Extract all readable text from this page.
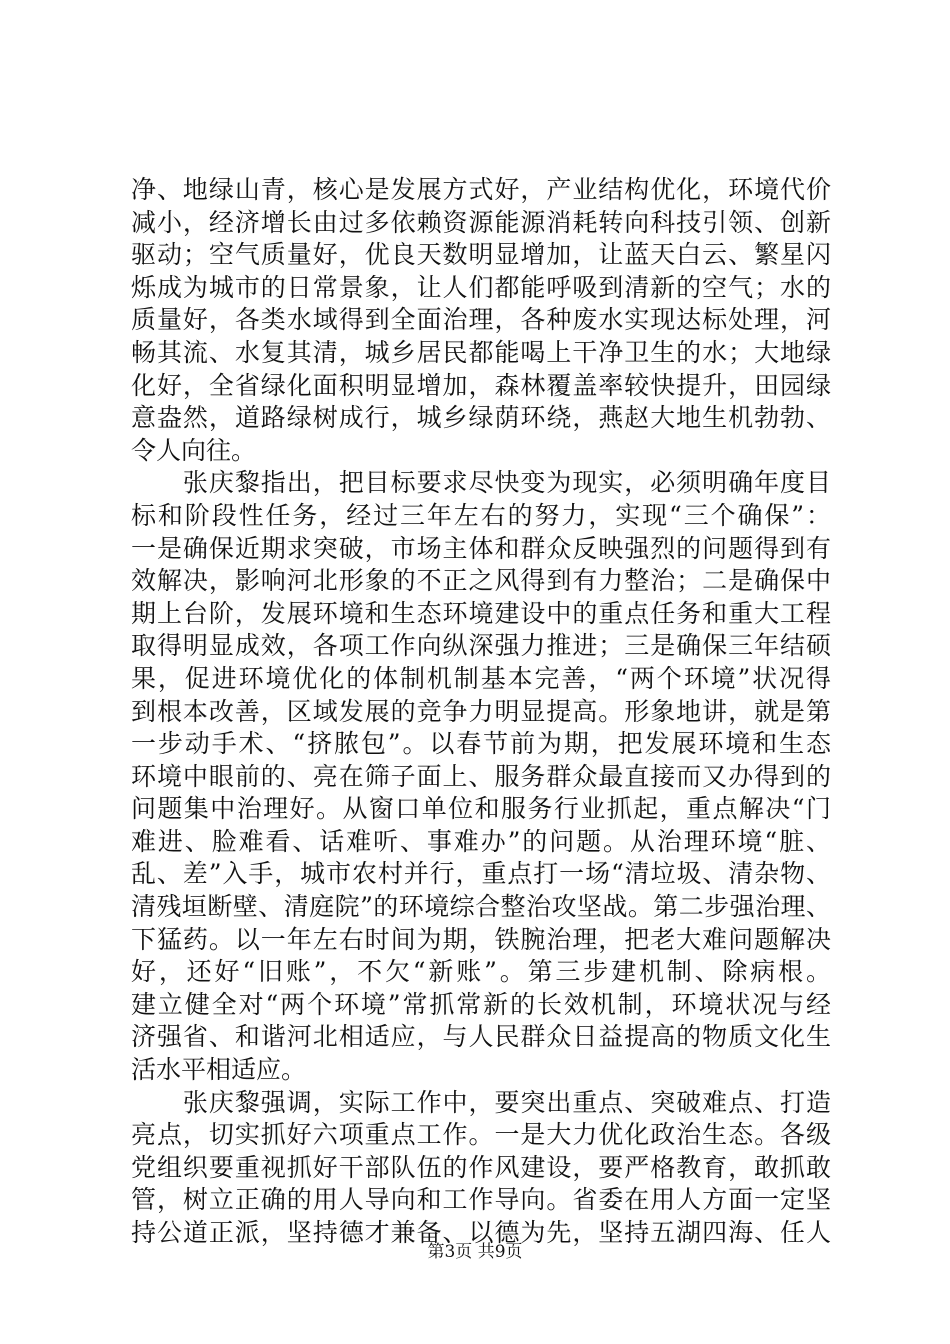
净、地绿山青，核心是发展方式好，产业结构优化，环境代价
减小，经济增长由过多依赖资源能源消耗转向科技引领、创新
驱动；空气质量好，优良天数明显增加，让蓝天白云、繁星闪
烁成为城市的日常景象，让人们都能呼吸到清新的空气；水的
质量好，各类水域得到全面治理，各种废水实现达标处理，河
畅其流、水复其清，城乡居民都能喝上干净卫生的水；大地绿
化好，全省绿化面积明显增加，森林覆盖率较快提升，田园绿
意盎然，道路绿树成行，城乡绿荫环绕，燕赵大地生机勃勃、
令人向往。
　　张庆黎指出，把目标要求尽快变为现实，必须明确年度目
标和阶段性任务，经过三年左右的努力，实现“三个确保”：
一是确保近期求突破，市场主体和群众反映强烈的问题得到有
效解决，影响河北形象的不正之风得到有力整治；二是确保中
期上台阶，发展环境和生态环境建设中的重点任务和重大工程
取得明显成效，各项工作向纵深强力推进；三是确保三年结硕
果，促进环境优化的体制机制基本完善，“两个环境”状况得
到根本改善，区域发展的竞争力明显提高。形象地讲，就是第
一步动手术、“挤脓包”。以春节前为期，把发展环境和生态
环境中眼前的、亮在筛子面上、服务群众最直接而又办得到的
问题集中治理好。从窗口单位和服务行业抓起，重点解决“门
难进、脸难看、话难听、事难办”的问题。从治理环境“脏、
乱、差”入手，城市农村并行，重点打一场“清垃圾、清杂物、
清残垣断壁、清庭院”的环境综合整治攻坚战。第二步强治理、
下猛药。以一年左右时间为期，铁腕治理，把老大难问题解决
好，还好“旧账”，不欠“新账”。第三步建机制、除病根。
建立健全对“两个环境”常抓常新的长效机制，环境状况与经
济强省、和谐河北相适应，与人民群众日益提高的物质文化生
活水平相适应。
　　张庆黎强调，实际工作中，要突出重点、突破难点、打造
亮点，切实抓好六项重点工作。一是大力优化政治生态。各级
党组织要重视抓好干部队伍的作风建设，要严格教育，敢抓敢
管，树立正确的用人导向和工作导向。省委在用人方面一定坚
持公道正派，坚持德才兼备、以德为先，坚持五湖四海、任人
第3页 共9页
